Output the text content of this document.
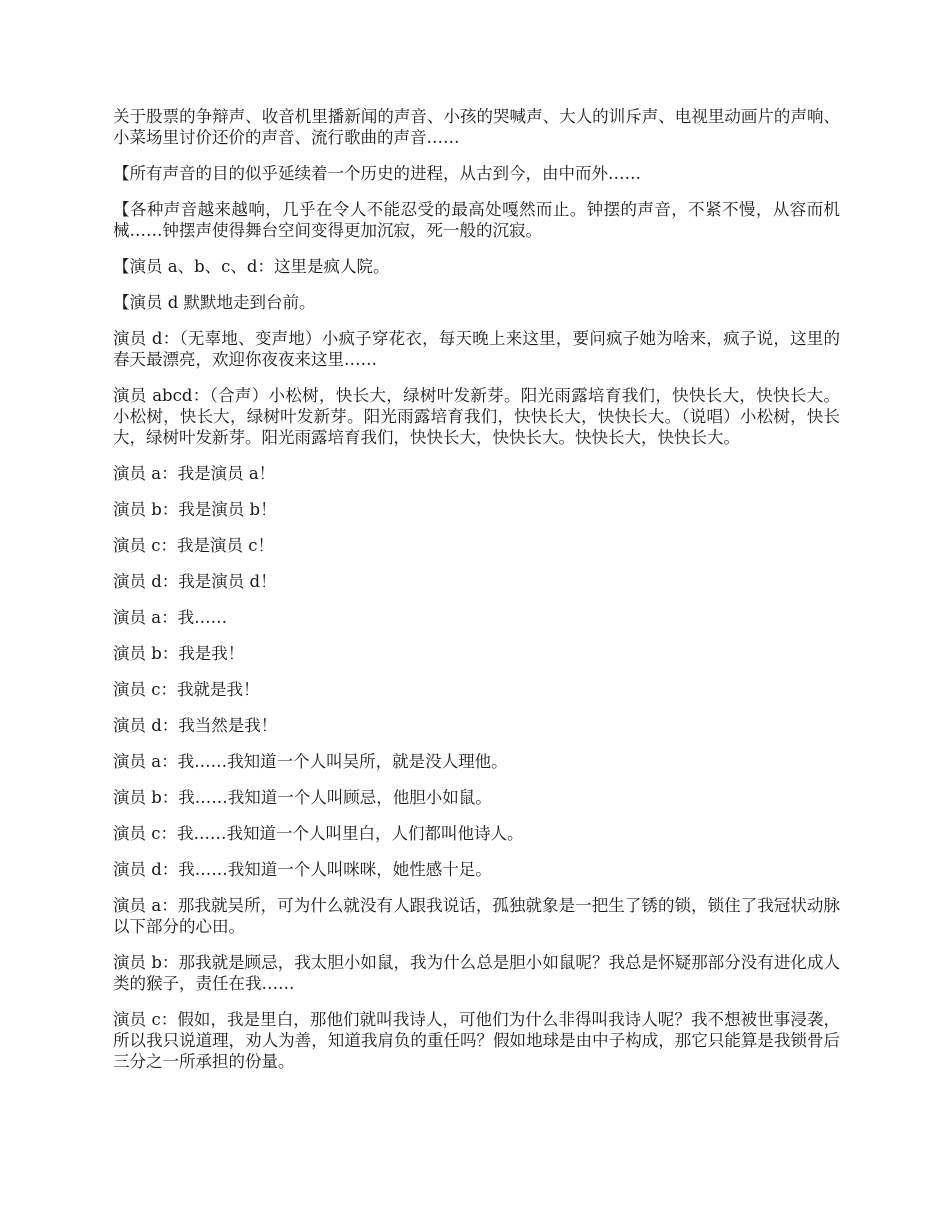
关于股票的争辩声、收音机里播新闻的声音、小孩的哭喊声、大人的训斥声、电视里动画片的声响、小菜场里讨价还价的声音、流行歌曲的声音……

【所有声音的目的似乎延续着一个历史的进程，从古到今，由中而外……

【各种声音越来越响，几乎在令人不能忍受的最高处嘎然而止。钟摆的声音，不紧不慢，从容而机械……钟摆声使得舞台空间变得更加沉寂，死一般的沉寂。

【演员 a、b、c、d：这里是疯人院。

【演员 d 默默地走到台前。

演员 d：（无辜地、变声地）小疯子穿花衣，每天晚上来这里，要问疯子她为啥来，疯子说，这里的春天最漂亮，欢迎你夜夜来这里……

演员 abcd：（合声）小松树，快长大，绿树叶发新芽。阳光雨露培育我们，快快长大，快快长大。小松树，快长大，绿树叶发新芽。阳光雨露培育我们，快快长大，快快长大。（说唱）小松树，快长大，绿树叶发新芽。阳光雨露培育我们，快快长大，快快长大。快快长大，快快长大。

演员 a：我是演员 a！

演员 b：我是演员 b！

演员 c：我是演员 c！

演员 d：我是演员 d！

演员 a：我……

演员 b：我是我！

演员 c：我就是我！

演员 d：我当然是我！

演员 a：我……我知道一个人叫吴所，就是没人理他。

演员 b：我……我知道一个人叫顾忌，他胆小如鼠。

演员 c：我……我知道一个人叫里白，人们都叫他诗人。

演员 d：我……我知道一个人叫咪咪，她性感十足。

演员 a：那我就吴所，可为什么就没有人跟我说话，孤独就象是一把生了锈的锁，锁住了我冠状动脉以下部分的心田。

演员 b：那我就是顾忌，我太胆小如鼠，我为什么总是胆小如鼠呢？我总是怀疑那部分没有进化成人类的猴子，责任在我……

演员 c：假如，我是里白，那他们就叫我诗人，可他们为什么非得叫我诗人呢？我不想被世事浸袭，所以我只说道理，劝人为善，知道我肩负的重任吗？假如地球是由中子构成，那它只能算是我锁骨后三分之一所承担的份量。
